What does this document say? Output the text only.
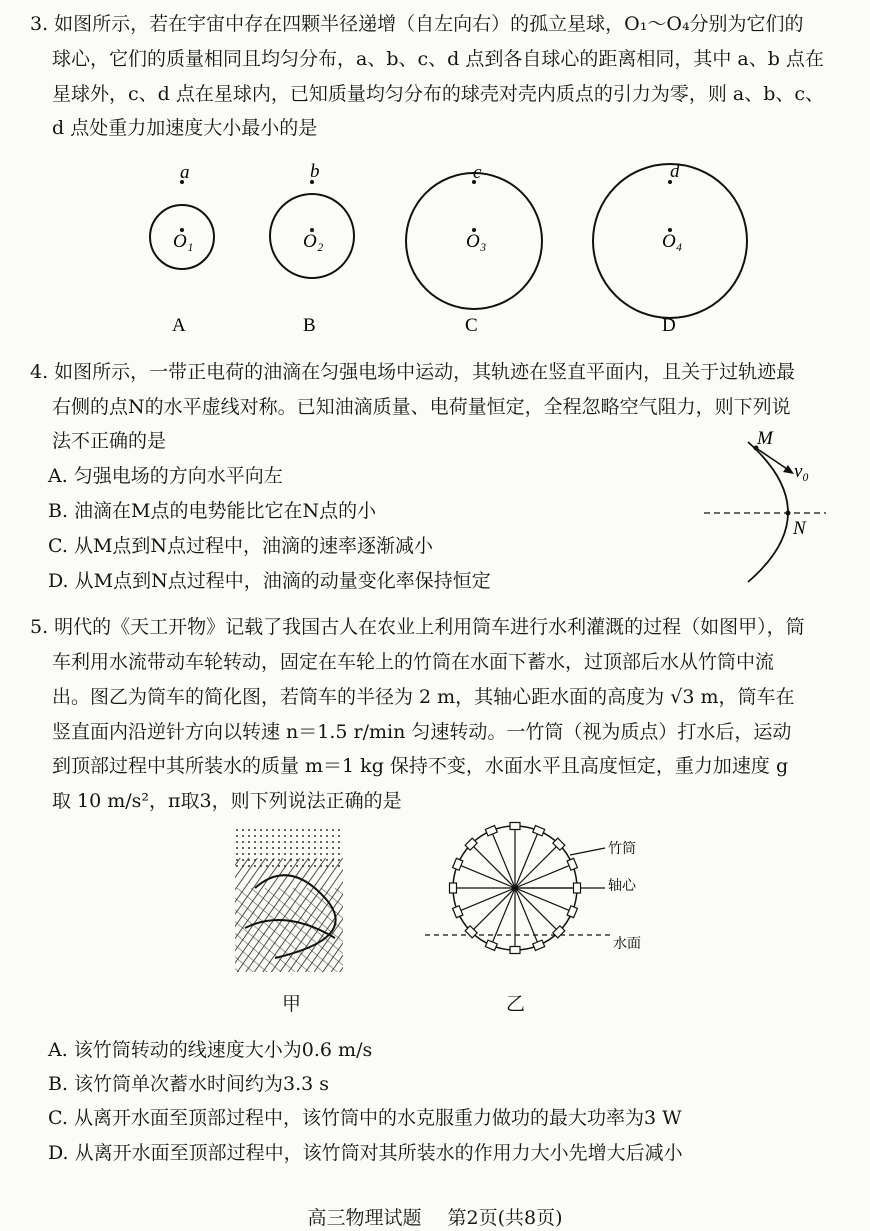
3. 如图所示，若在宇宙中存在四颗半径递增（自左向右）的孤立星球，O₁～O₄分别为它们的
球心，它们的质量相同且均匀分布，a、b、c、d 点到各自球心的距离相同，其中 a、b 点在
星球外，c、d 点在星球内，已知质量均匀分布的球壳对壳内质点的引力为零，则 a、b、c、
d 点处重力加速度大小最小的是
a
O₁
A
b
O₂
B
c
O₃
C
d
O₄
D
4. 如图所示，一带正电荷的油滴在匀强电场中运动，其轨迹在竖直平面内，且关于过轨迹最
右侧的点N的水平虚线对称。已知油滴质量、电荷量恒定，全程忽略空气阻力，则下列说
法不正确的是
A. 匀强电场的方向水平向左
B. 油滴在M点的电势能比它在N点的小
C. 从M点到N点过程中，油滴的速率逐渐减小
D. 从M点到N点过程中，油滴的动量变化率保持恒定
M
N
v₀
5. 明代的《天工开物》记载了我国古人在农业上利用筒车进行水利灌溉的过程（如图甲），筒
车利用水流带动车轮转动，固定在车轮上的竹筒在水面下蓄水，过顶部后水从竹筒中流
出。图乙为筒车的简化图，若筒车的半径为 2 m，其轴心距水面的高度为 √3 m，筒车在
竖直面内沿逆针方向以转速 n＝1.5 r/min 匀速转动。一竹筒（视为质点）打水后，运动
到顶部过程中其所装水的质量 m＝1 kg 保持不变，水面水平且高度恒定，重力加速度 g
取 10 m/s²，π取3，则下列说法正确的是
竹筒
轴心
水面
甲	乙
A. 该竹筒转动的线速度大小为0.6 m/s
B. 该竹筒单次蓄水时间约为3.3 s
C. 从离开水面至顶部过程中，该竹筒中的水克服重力做功的最大功率为3 W
D. 从离开水面至顶部过程中，该竹筒对其所装水的作用力大小先增大后减小
高三物理试题 第2页(共8页)
